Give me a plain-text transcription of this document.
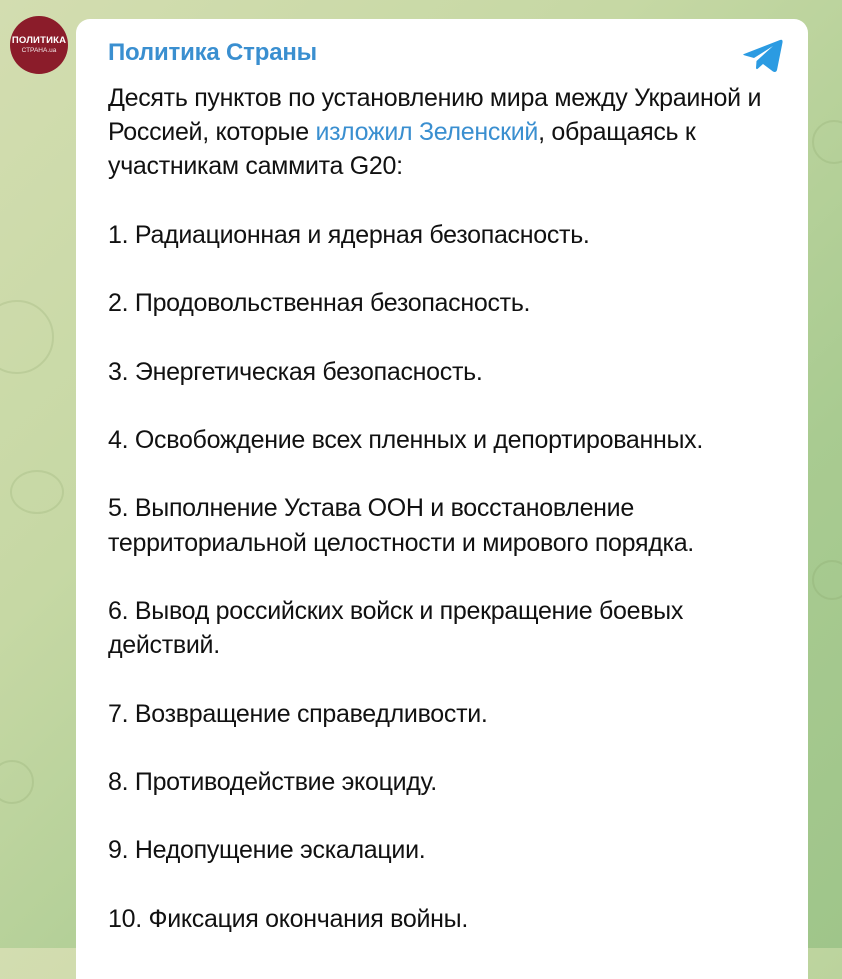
ПОЛИТИКА
СТРАНА.ua Политика Страны

Десять пунктов по установлению мира между Украиной и Россией, которые изложил Зеленский, обращаясь к участникам саммита G20:

1. Радиационная и ядерная безопасность.

2. Продовольственная безопасность.

3. Энергетическая безопасность.

4. Освобождение всех пленных и депортированных.

5. Выполнение Устава ООН и восстановление территориальной целостности и мирового порядка.

6. Вывод российских войск и прекращение боевых действий.

7. Возвращение справедливости.

8. Противодействие экоциду.

9. Недопущение эскалации.

10. Фиксация окончания войны.
